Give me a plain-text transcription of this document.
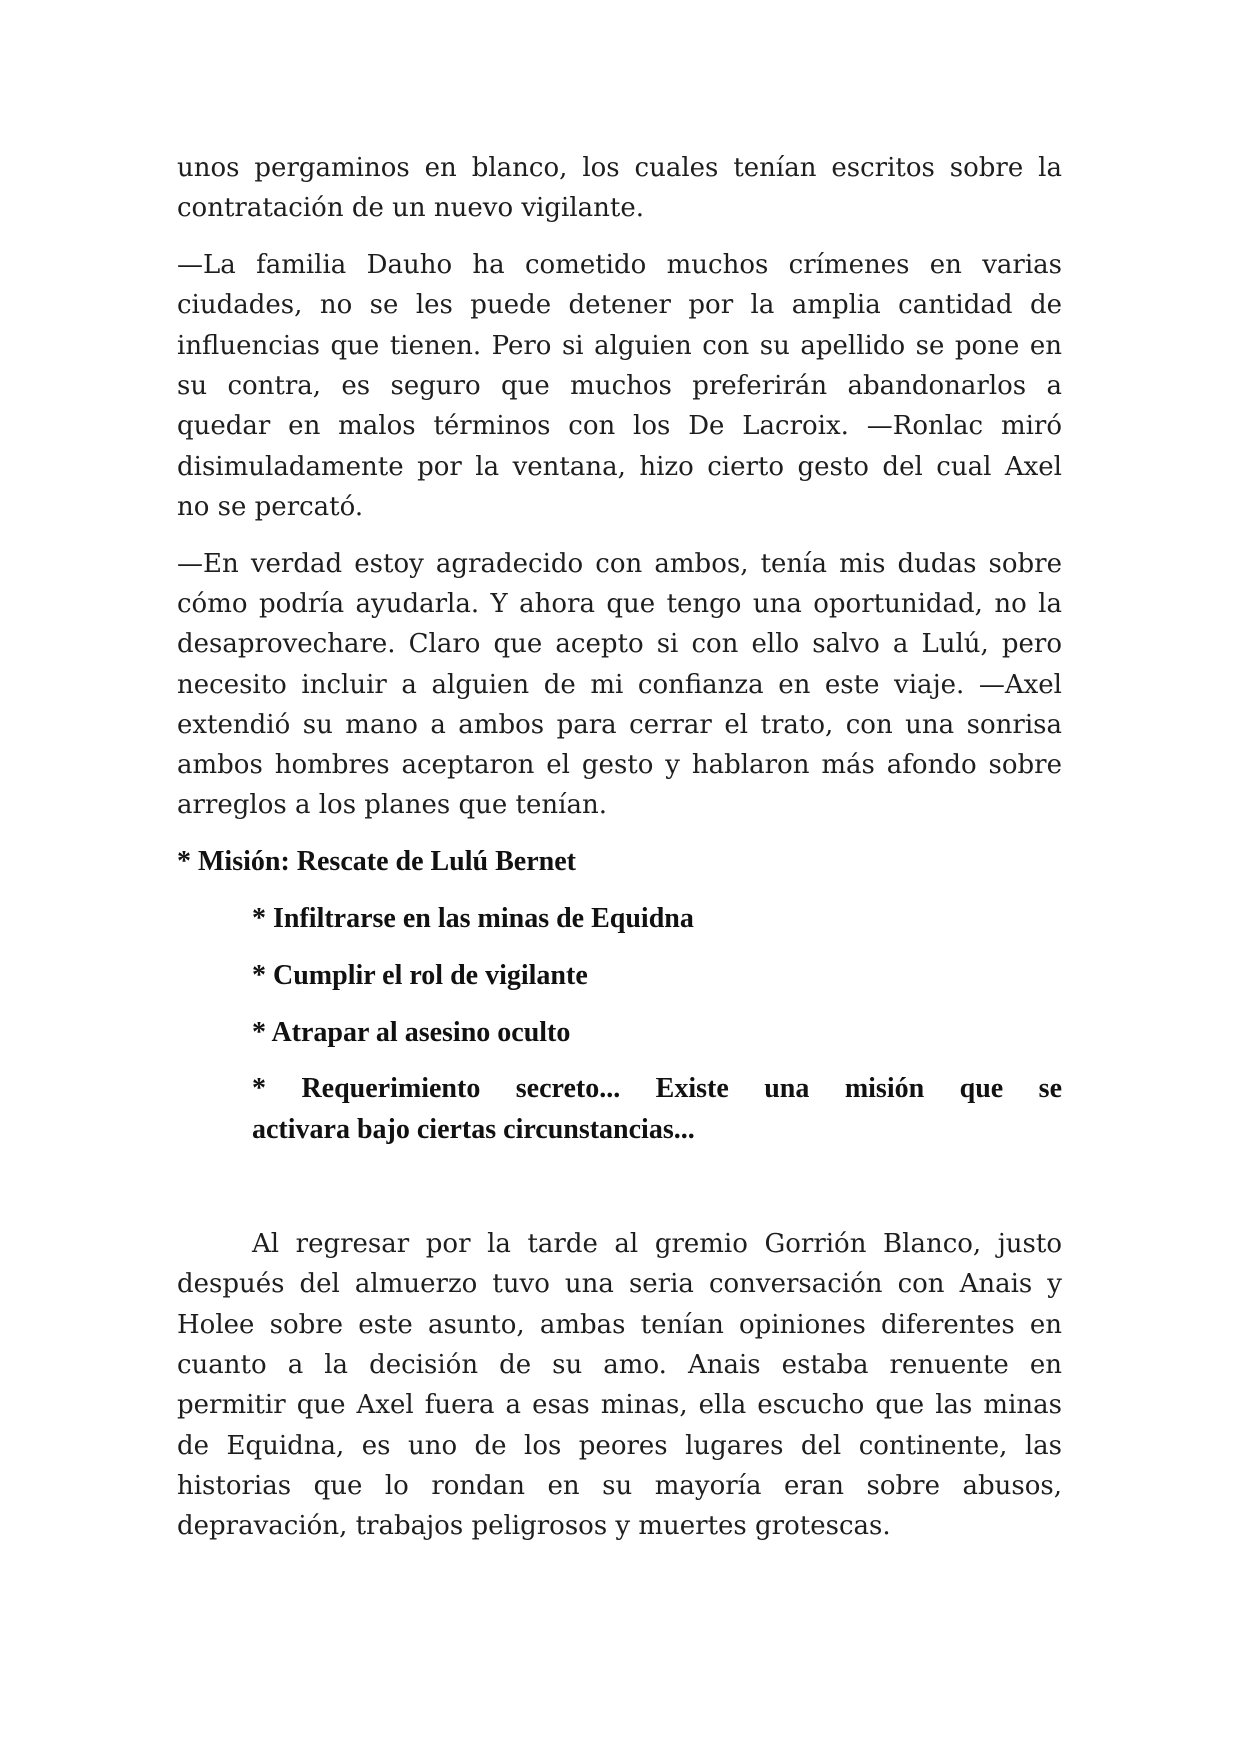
unos pergaminos en blanco, los cuales tenían escritos sobre la
contratación de un nuevo vigilante.
—La familia Dauho ha cometido muchos crímenes en varias
ciudades, no se les puede detener por la amplia cantidad de
influencias que tienen. Pero si alguien con su apellido se pone en
su contra, es seguro que muchos preferirán abandonarlos a
quedar en malos términos con los De Lacroix. —Ronlac miró
disimuladamente por la ventana, hizo cierto gesto del cual Axel
no se percató.
—En verdad estoy agradecido con ambos, tenía mis dudas sobre
cómo podría ayudarla. Y ahora que tengo una oportunidad, no la
desaprovechare. Claro que acepto si con ello salvo a Lulú, pero
necesito incluir a alguien de mi confianza en este viaje. —Axel
extendió su mano a ambos para cerrar el trato, con una sonrisa
ambos hombres aceptaron el gesto y hablaron más afondo sobre
arreglos a los planes que tenían.
* Misión: Rescate de Lulú Bernet
* Infiltrarse en las minas de Equidna
* Cumplir el rol de vigilante
* Atrapar al asesino oculto
* Requerimiento secreto... Existe una misión que se
activara bajo ciertas circunstancias...
Al regresar por la tarde al gremio Gorrión Blanco, justo
después del almuerzo tuvo una seria conversación con Anais y
Holee sobre este asunto, ambas tenían opiniones diferentes en
cuanto a la decisión de su amo. Anais estaba renuente en
permitir que Axel fuera a esas minas, ella escucho que las minas
de Equidna, es uno de los peores lugares del continente, las
historias que lo rondan en su mayoría eran sobre abusos,
depravación, trabajos peligrosos y muertes grotescas.
